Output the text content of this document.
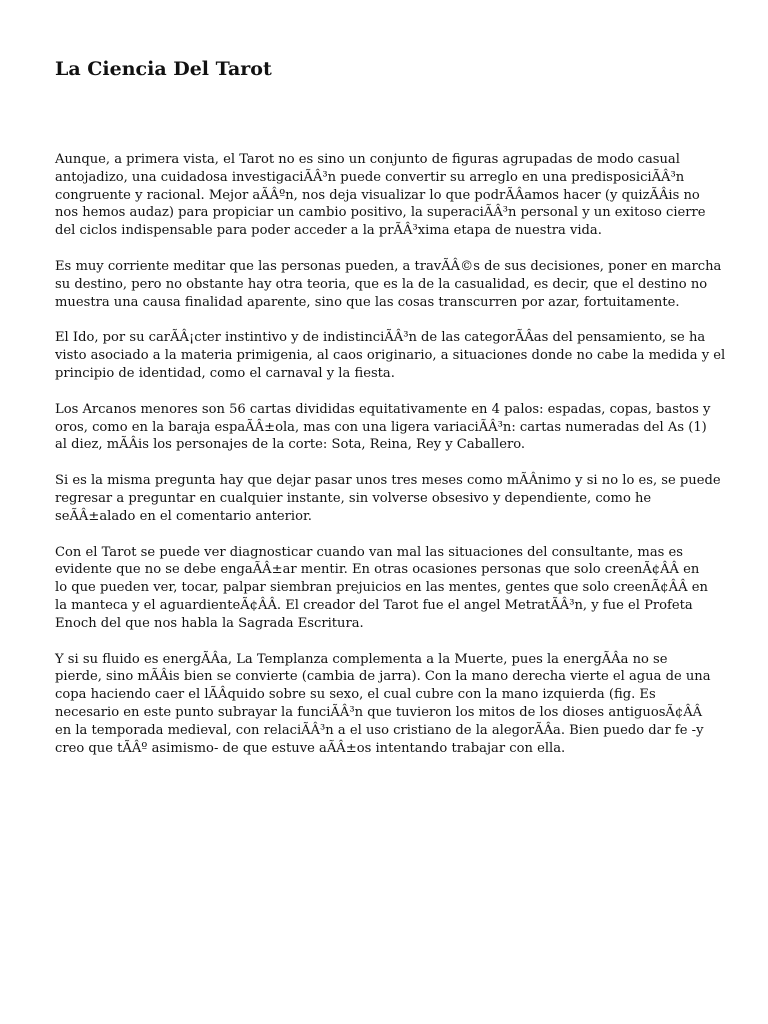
La Ciencia Del Tarot

Aunque, a primera vista, el Tarot no es sino un conjunto de figuras agrupadas de modo casual
antojadizo, una cuidadosa investigaciÃÂ³n puede convertir su arreglo en una predisposiciÃÂ³n
congruente y racional. Mejor aÃÂºn, nos deja visualizar lo que podrÃÂamos hacer (y quizÃÂis no
nos hemos audaz) para propiciar un cambio positivo, la superaciÃÂ³n personal y un exitoso cierre
del ciclos indispensable para poder acceder a la prÃÂ³xima etapa de nuestra vida.

Es muy corriente meditar que las personas pueden, a travÃÂ©s de sus decisiones, poner en marcha
su destino, pero no obstante hay otra teoria, que es la de la casualidad, es decir, que el destino no
muestra una causa finalidad aparente, sino que las cosas transcurren por azar, fortuitamente.

El Ido, por su carÃÂ¡cter instintivo y de indistinciÃÂ³n de las categorÃÂas del pensamiento, se ha
visto asociado a la materia primigenia, al caos originario, a situaciones donde no cabe la medida y el
principio de identidad, como el carnaval y la fiesta.

Los Arcanos menores son 56 cartas divididas equitativamente en 4 palos: espadas, copas, bastos y
oros, como en la baraja espaÃÂ±ola, mas con una ligera variaciÃÂ³n: cartas numeradas del As (1)
al diez, mÃÂis los personajes de la corte: Sota, Reina, Rey y Caballero.

Si es la misma pregunta hay que dejar pasar unos tres meses como mÃÂnimo y si no lo es, se puede
regresar a preguntar en cualquier instante, sin volverse obsesivo y dependiente, como he
seÃÂ±alado en el comentario anterior.

Con el Tarot se puede ver diagnosticar cuando van mal las situaciones del consultante, mas es
evidente que no se debe engaÃÂ±ar mentir. En otras ocasiones personas que solo creenÃ¢ÂÂ en
lo que pueden ver, tocar, palpar siembran prejuicios en las mentes, gentes que solo creenÃ¢ÂÂ en
la manteca y el aguardienteÃ¢ÂÂ. El creador del Tarot fue el angel MetratÃÂ³n, y fue el Profeta
Enoch del que nos habla la Sagrada Escritura.

Y si su fluido es energÃÂa, La Templanza complementa a la Muerte, pues la energÃÂa no se
pierde, sino mÃÂis bien se convierte (cambia de jarra). Con la mano derecha vierte el agua de una
copa haciendo caer el lÃÂquido sobre su sexo, el cual cubre con la mano izquierda (fig. Es
necesario en este punto subrayar la funciÃÂ³n que tuvieron los mitos de los dioses antiguosÃ¢ÂÂ
en la temporada medieval, con relaciÃÂ³n a el uso cristiano de la alegorÃÂa. Bien puedo dar fe -y
creo que tÃÂº asimismo- de que estuve aÃÂ±os intentando trabajar con ella.
